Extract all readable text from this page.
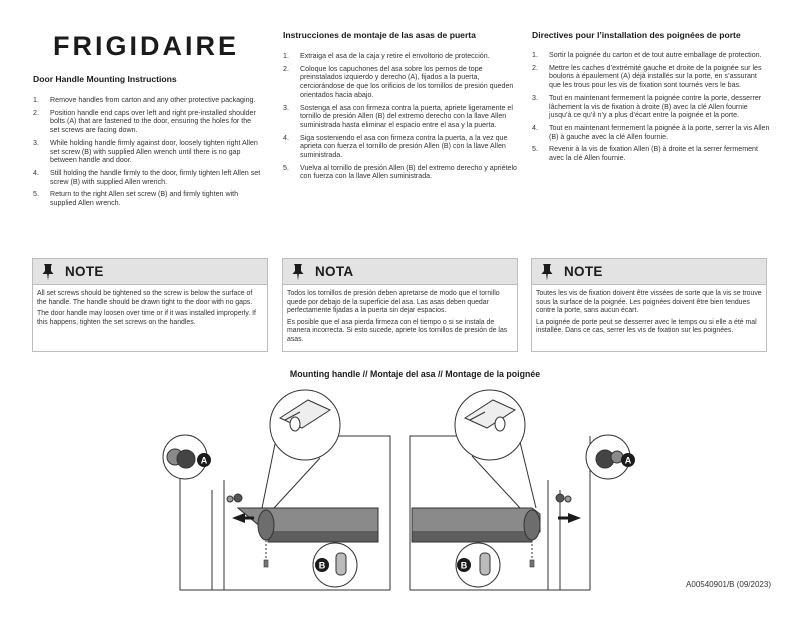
FRIGIDAIRE
Door Handle Mounting Instructions
1. Remove handles from carton and any other protective packaging.
2. Position handle end caps over left and right pre-installed shoulder bolts (A) that are fastened to the door, ensuring the holes for the set screws are facing down.
3. While holding handle firmly against door, loosely tighten right Allen set screw (B) with supplied Allen wrench until there is no gap between handle and door.
4. Still holding the handle firmly to the door, firmly tighten left Allen set screw (B) with supplied Allen wrench.
5. Return to the right Allen set screw (B) and firmly tighten with supplied Allen wrench.
Instrucciones de montaje de las asas de puerta
1. Extraiga el asa de la caja y retire el envoltorio de protección.
2. Coloque los capuchones del asa sobre los pernos de tope preinstalados izquierdo y derecho (A), fijados a la puerta, cerciorándose de que los orificios de los tornillos de presión queden orientados hacia abajo.
3. Sostenga el asa con firmeza contra la puerta, apriete ligeramente el tornillo de presión Allen (B) del extremo derecho con la llave Allen suministrada hasta eliminar el espacio entre el asa y la puerta.
4. Siga sosteniendo el asa con firmeza contra la puerta, a la vez que aprieta con fuerza el tornillo de presión Allen (B) con la llave Allen suministrada.
5. Vuelva al tornillo de presión Allen (B) del extremo derecho y apriételo con fuerza con la llave Allen suministrada.
Directives pour l’installation des poignées de porte
1. Sortir la poignée du carton et de tout autre emballage de protection.
2. Mettre les caches d’extrémité gauche et droite de la poignée sur les boulons à épaulement (A) déjà installés sur la porte, en s’assurant que les trous pour les vis de fixation sont tournés vers le bas.
3. Tout en maintenant fermement la poignée contre la porte, desserrer lâchement la vis de fixation à droite (B) avec la clé Allen fournie jusqu’à ce qu’il n’y a plus d’écart entre la poignée et la porte.
4. Tout en maintenant fermement la poignée à la porte, serrer la vis Allen (B) à gauche avec la clé Allen fournie.
5. Revenir à la vis de fixation Allen (B) à droite et la serrer fermement avec la clé Allen fournie.
NOTE

All set screws should be tightened so the screw is below the surface of the handle. The handle should be drawn tight to the door with no gaps.

The door handle may loosen over time or if it was installed improperly. If this happens, tighten the set screws on the handles.

NOTA

Todos los tornillos de presión deben apretarse de modo que el tornillo quede por debajo de la superficie del asa. Las asas deben quedar perfectamente fijadas a la puerta sin dejar espacios.

Es posible que el asa pierda firmeza con el tiempo o si se instala de manera incorrecta. Si esto sucede, apriete los tornillos de presión de las asas.

NOTE

Toutes les vis de fixation doivent être vissées de sorte que la vis se trouve sous la surface de la poignée. Les poignées doivent être bien tendues contre la porte, sans aucun écart.

La poignée de porte peut se desserrer avec le temps ou si elle a été mal installée. Dans ce cas, serrer les vis de fixation sur les poignées.

Mounting handle // Montaje del asa // Montage de la poignée
A
B
A
B
A00540901/B (09/2023)
